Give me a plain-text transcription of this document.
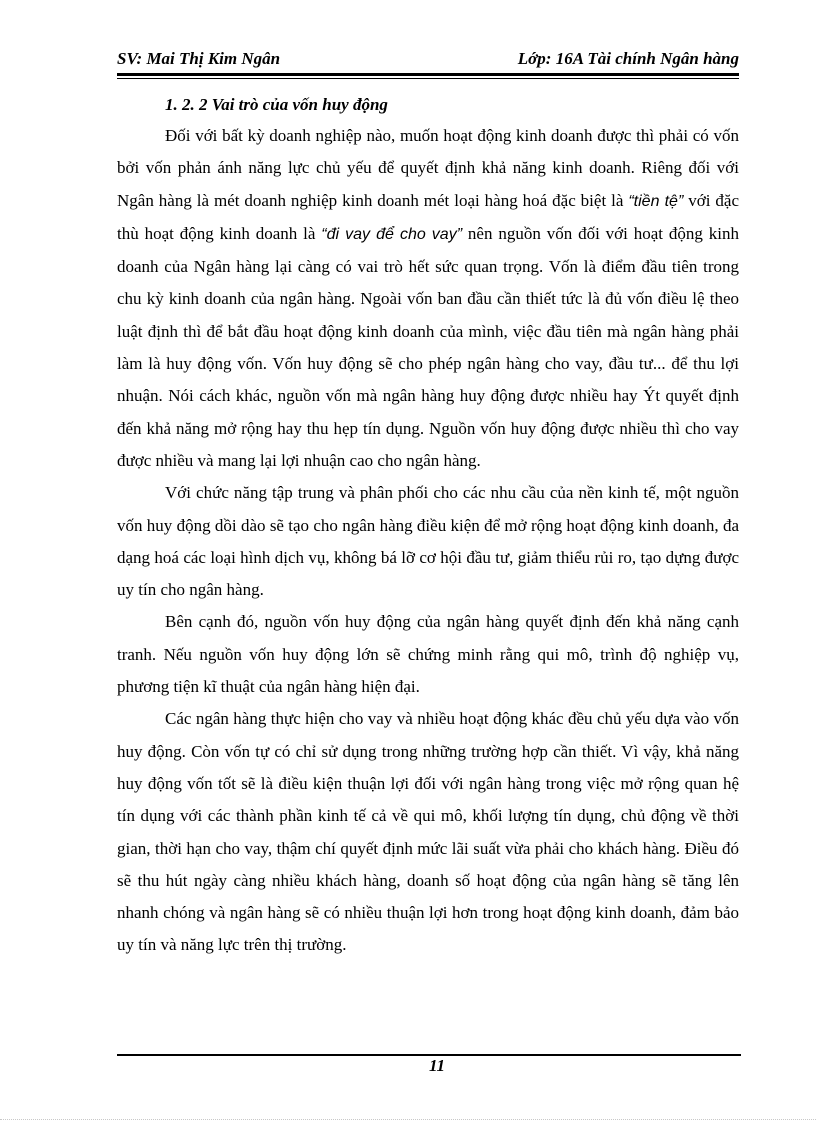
SV: Mai Thị Kim Ngân	Lớp: 16A Tài chính Ngân hàng
1. 2. 2 Vai trò của vốn huy động

Đối với bất kỳ doanh nghiệp nào, muốn hoạt động kinh doanh được thì phải có vốn bởi vốn phản ánh năng lực chủ yếu để quyết định khả năng kinh doanh. Riêng đối với Ngân hàng là mét doanh nghiệp kinh doanh mét loại hàng hoá đặc biệt là “tiền tệ” với đặc thù hoạt động kinh doanh là “đi vay để cho vay” nên nguồn vốn đối với hoạt động kinh doanh của Ngân hàng lại càng có vai trò hết sức quan trọng. Vốn là điểm đầu tiên trong chu kỳ kinh doanh của ngân hàng. Ngoài vốn ban đầu cần thiết tức là đủ vốn điều lệ theo luật định thì để bắt đầu hoạt động kinh doanh của mình, việc đầu tiên mà ngân hàng phải làm là huy động vốn. Vốn huy động sẽ cho phép ngân hàng cho vay, đầu tư... để thu lợi nhuận. Nói cách khác, nguồn vốn mà ngân hàng huy động được nhiều hay Ýt quyết định đến khả năng mở rộng hay thu hẹp tín dụng. Nguồn vốn huy động được nhiều thì cho vay được nhiều và mang lại lợi nhuận cao cho ngân hàng.

Với chức năng tập trung và phân phối cho các nhu cầu của nền kinh tế, một nguồn vốn huy động dồi dào sẽ tạo cho ngân hàng điều kiện để mở rộng hoạt động kinh doanh, đa dạng hoá các loại hình dịch vụ, không bá lỡ cơ hội đầu tư, giảm thiểu rủi ro, tạo dựng được uy tín cho ngân hàng.

Bên cạnh đó, nguồn vốn huy động của ngân hàng quyết định đến khả năng cạnh tranh. Nếu nguồn vốn huy động lớn sẽ chứng minh rằng qui mô, trình độ nghiệp vụ, phương tiện kĩ thuật của ngân hàng hiện đại.

Các ngân hàng thực hiện cho vay và nhiều hoạt động khác đều chủ yếu dựa vào vốn huy động. Còn vốn tự có chỉ sử dụng trong những trường hợp cần thiết. Vì vậy, khả năng huy động vốn tốt sẽ là điều kiện thuận lợi đối với ngân hàng trong việc mở rộng quan hệ tín dụng với các thành phần kinh tế cả về qui mô, khối lượng tín dụng, chủ động về thời gian, thời hạn cho vay, thậm chí quyết định mức lãi suất vừa phải cho khách hàng. Điều đó sẽ thu hút ngày càng nhiều khách hàng, doanh số hoạt động của ngân hàng sẽ tăng lên nhanh chóng và ngân hàng sẽ có nhiều thuận lợi hơn trong hoạt động kinh doanh, đảm bảo uy tín và năng lực trên thị trường.

11
